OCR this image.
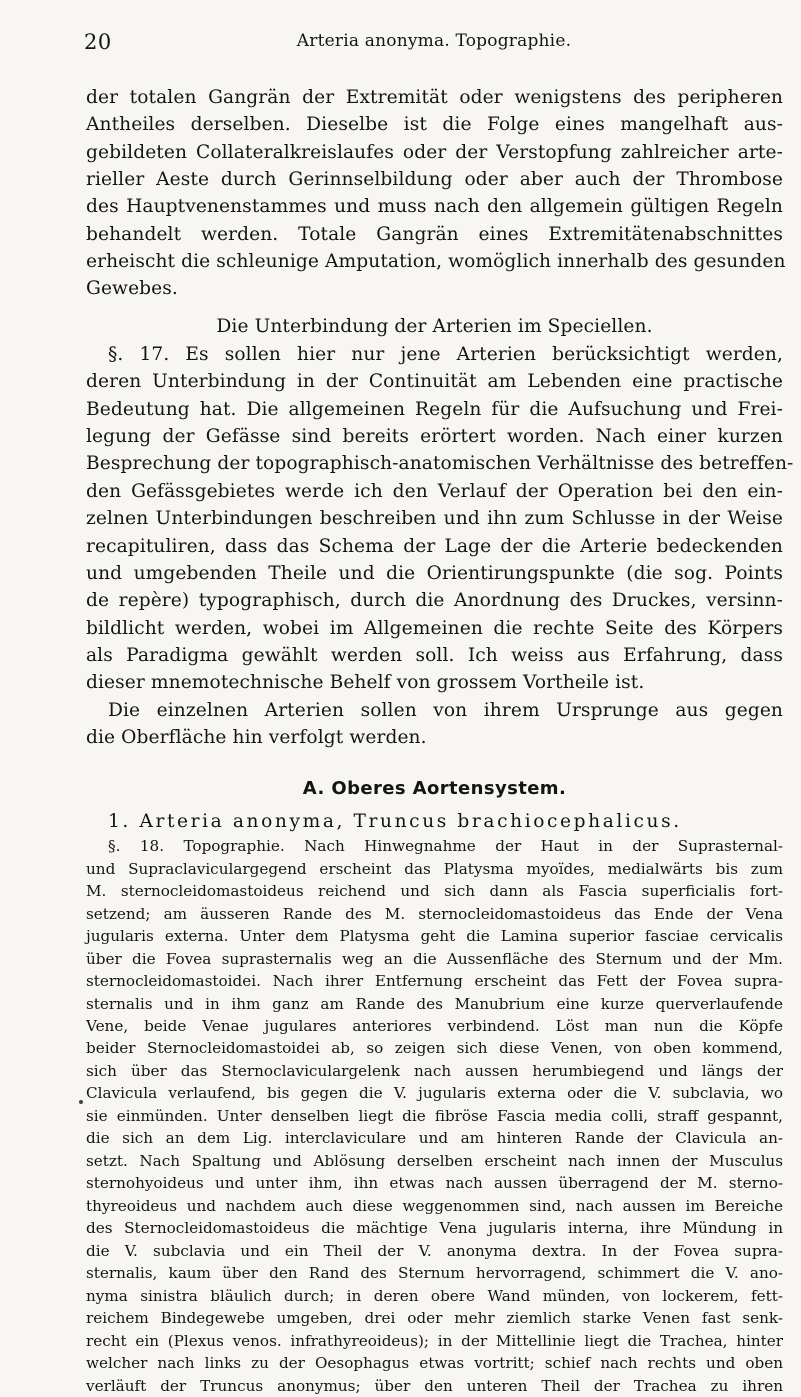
20	Arteria anonyma. Topographie.
der totalen Gangrän der Extremität oder wenigstens des peripheren
Antheiles derselben. Dieselbe ist die Folge eines mangelhaft aus-
gebildeten Collateralkreislaufes oder der Verstopfung zahlreicher arte-
rieller Aeste durch Gerinnselbildung oder aber auch der Thrombose
des Hauptvenenstammes und muss nach den allgemein gültigen Regeln
behandelt werden. Totale Gangrän eines Extremitätenabschnittes
erheischt die schleunige Amputation, womöglich innerhalb des gesunden
Gewebes.
Die Unterbindung der Arterien im Speciellen.
§. 17. Es sollen hier nur jene Arterien berücksichtigt werden,
deren Unterbindung in der Continuität am Lebenden eine practische
Bedeutung hat. Die allgemeinen Regeln für die Aufsuchung und Frei-
legung der Gefässe sind bereits erörtert worden. Nach einer kurzen
Besprechung der topographisch-anatomischen Verhältnisse des betreffen-
den Gefässgebietes werde ich den Verlauf der Operation bei den ein-
zelnen Unterbindungen beschreiben und ihn zum Schlusse in der Weise
recapituliren, dass das Schema der Lage der die Arterie bedeckenden
und umgebenden Theile und die Orientirungspunkte (die sog. Points
de repère) typographisch, durch die Anordnung des Druckes, versinn-
bildlicht werden, wobei im Allgemeinen die rechte Seite des Körpers
als Paradigma gewählt werden soll. Ich weiss aus Erfahrung, dass
dieser mnemotechnische Behelf von grossem Vortheile ist.
Die einzelnen Arterien sollen von ihrem Ursprunge aus gegen
die Oberfläche hin verfolgt werden.
A. Oberes Aortensystem.
1. Arteria anonyma, Truncus brachiocephalicus.
§. 18. Topographie. Nach Hinwegnahme der Haut in der Suprasternal-
und Supraclaviculargegend erscheint das Platysma myoïdes, medialwärts bis zum
M. sternocleidomastoideus reichend und sich dann als Fascia superficialis fort-
setzend; am äusseren Rande des M. sternocleidomastoideus das Ende der Vena
jugularis externa. Unter dem Platysma geht die Lamina superior fasciae cervicalis
über die Fovea suprasternalis weg an die Aussenfläche des Sternum und der Mm.
sternocleidomastoidei. Nach ihrer Entfernung erscheint das Fett der Fovea supra-
sternalis und in ihm ganz am Rande des Manubrium eine kurze querverlaufende
Vene, beide Venae jugulares anteriores verbindend. Löst man nun die Köpfe
beider Sternocleidomastoidei ab, so zeigen sich diese Venen, von oben kommend,
sich über das Sternoclaviculargelenk nach aussen herumbiegend und längs der
Clavicula verlaufend, bis gegen die V. jugularis externa oder die V. subclavia, wo
sie einmünden. Unter denselben liegt die fibröse Fascia media colli, straff gespannt,
die sich an dem Lig. interclaviculare und am hinteren Rande der Clavicula an-
setzt. Nach Spaltung und Ablösung derselben erscheint nach innen der Musculus
sternohyoideus und unter ihm, ihn etwas nach aussen überragend der M. sterno-
thyreoideus und nachdem auch diese weggenommen sind, nach aussen im Bereiche
des Sternocleidomastoideus die mächtige Vena jugularis interna, ihre Mündung in
die V. subclavia und ein Theil der V. anonyma dextra. In der Fovea supra-
sternalis, kaum über den Rand des Sternum hervorragend, schimmert die V. ano-
nyma sinistra bläulich durch; in deren obere Wand münden, von lockerem, fett-
reichem Bindegewebe umgeben, drei oder mehr ziemlich starke Venen fast senk-
recht ein (Plexus venos. infrathyreoideus); in der Mittellinie liegt die Trachea, hinter
welcher nach links zu der Oesophagus etwas vortritt; schief nach rechts und oben
verläuft der Truncus anonymus; über den unteren Theil der Trachea zu ihren
